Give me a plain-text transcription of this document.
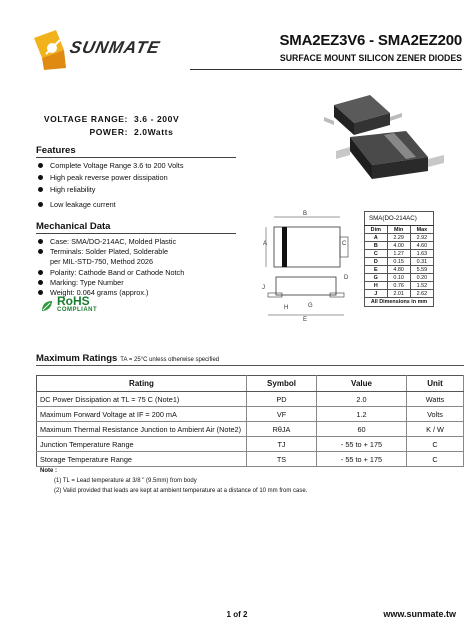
SUNMATE	SMA2EZ3V6 - SMA2EZ200
SURFACE MOUNT SILICON ZENER DIODES
VOLTAGE RANGE: 3.6 - 200V
POWER: 2.0Watts
Features
Complete Voltage Range 3.6 to 200 Volts
High peak reverse power dissipation
High reliability
Low leakage current
Mechanical Data
Case: SMA/DO-214AC, Molded Plastic
Terminals: Solder Plated, Solderable
per MIL-STD-750, Method 2026
Polarity: Cathode Band or Cathode Notch
Marking: Type Number
Weight: 0.064 grams (approx.)
RoHS
COMPLIANT
B
A	C
J
D
H	G
E
SMA(DO-214AC)		
Dim	Min	Max
A	2.29	2.92
B	4.00	4.60
C	1.27	1.63
D	0.15	0.31
E	4.80	5.59
G	0.10	0.20
H	0.76	1.52
J	2.01	2.62
All Dimensions in mm		
Maximum Ratings TA = 25°C unless otherwise specified
Rating	Symbol	Value	Unit
DC Power Dissipation at TL = 75 C (Note1)	PD	2.0	Watts
Maximum Forward Voltage at IF = 200 mA	VF	1.2	Volts
Maximum Thermal Resistance Junction to Ambient Air (Note2)	RθJA	60	K / W
Junction Temperature Range	TJ	- 55 to + 175	C
Storage Temperature Range	TS	- 55 to + 175	C
Note :
(1) TL = Lead temperature at 3/8 " (9.5mm) from body
(2) Valid provided that leads are kept at ambient temperature at a distance of 10 mm from case.
1 of 2	www.sunmate.tw
